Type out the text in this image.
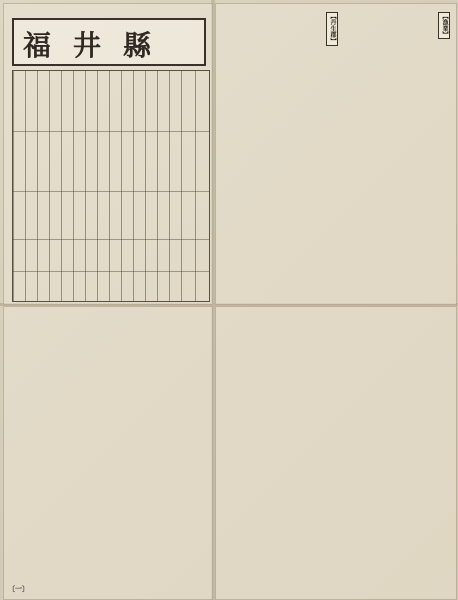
福井縣
【漁業】
【丹生郡】
〔一〕
